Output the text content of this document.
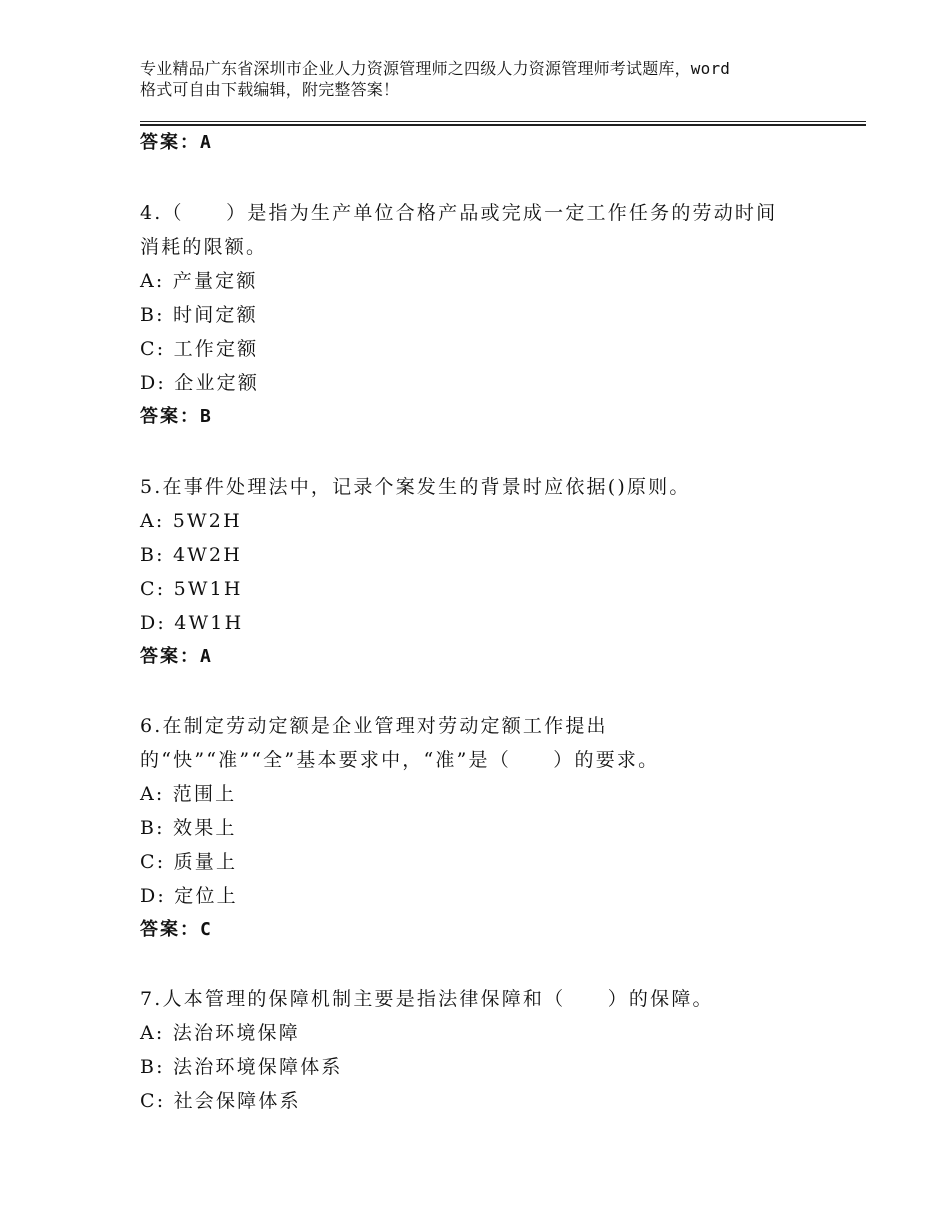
专业精品广东省深圳市企业人力资源管理师之四级人力资源管理师考试题库，word
格式可自由下载编辑，附完整答案！
答案：A
4.（　　）是指为生产单位合格产品或完成一定工作任务的劳动时间
消耗的限额。
A: 产量定额
B: 时间定额
C: 工作定额
D: 企业定额
答案：B
5.在事件处理法中，记录个案发生的背景时应依据()原则。
A: 5W2H
B: 4W2H
C: 5W1H
D: 4W1H
答案：A
6.在制定劳动定额是企业管理对劳动定额工作提出
的“快”“准”“全”基本要求中，“准”是（　　）的要求。
A: 范围上
B: 效果上
C: 质量上
D: 定位上
答案：C
7.人本管理的保障机制主要是指法律保障和（　　）的保障。
A: 法治环境保障
B: 法治环境保障体系
C: 社会保障体系
